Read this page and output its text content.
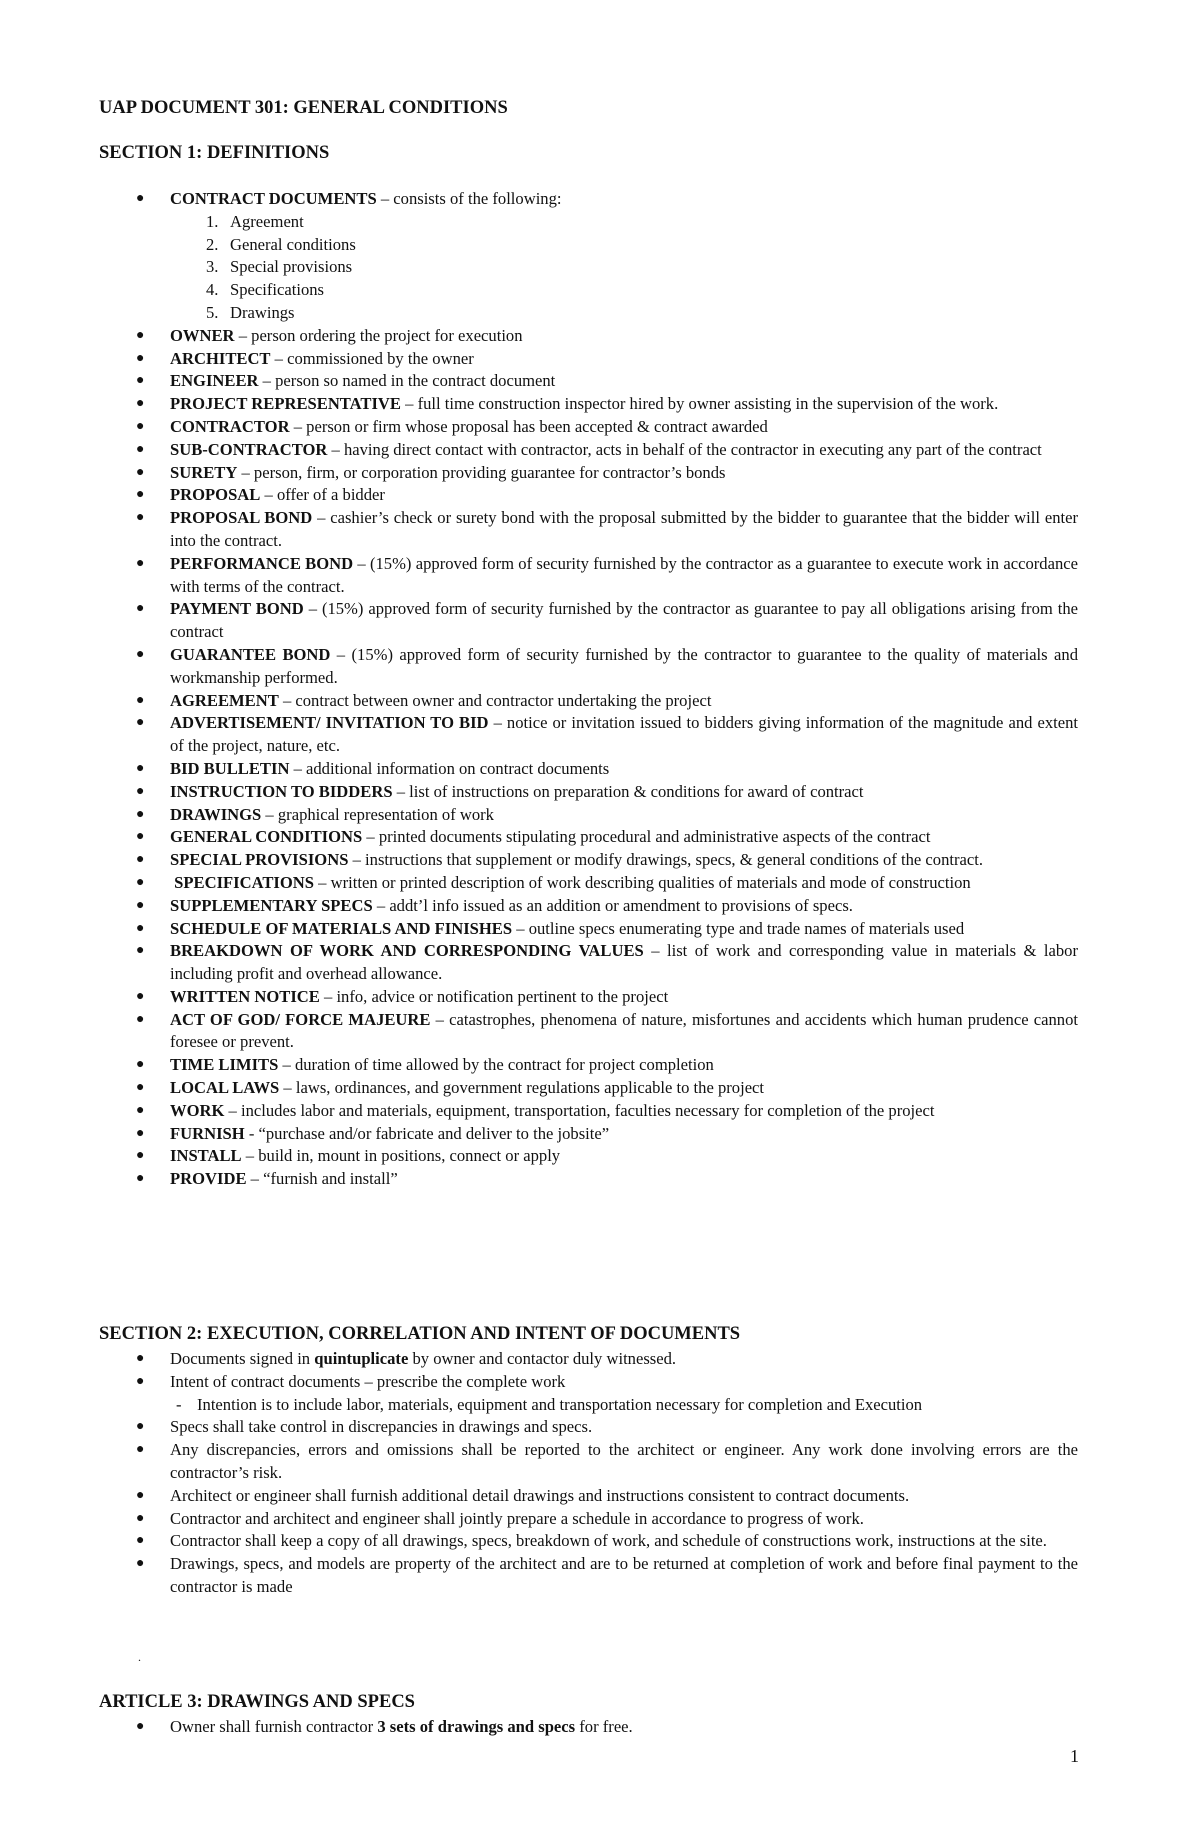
UAP DOCUMENT 301: GENERAL CONDITIONS
SECTION 1: DEFINITIONS
● CONTRACT DOCUMENTS – consists of the following:
1. Agreement
2. General conditions
3. Special provisions
4. Specifications
5. Drawings
● OWNER – person ordering the project for execution
● ARCHITECT – commissioned by the owner
● ENGINEER – person so named in the contract document
● PROJECT REPRESENTATIVE – full time construction inspector hired by owner assisting in the supervision of the work.
● CONTRACTOR – person or firm whose proposal has been accepted & contract awarded
● SUB-CONTRACTOR – having direct contact with contractor, acts in behalf of the contractor in executing any part of the contract
● SURETY – person, firm, or corporation providing guarantee for contractor’s bonds
● PROPOSAL – offer of a bidder
● PROPOSAL BOND – cashier’s check or surety bond with the proposal submitted by the bidder to guarantee that the bidder will enter into the contract.
● PERFORMANCE BOND – (15%) approved form of security furnished by the contractor as a guarantee to execute work in accordance with terms of the contract.
● PAYMENT BOND – (15%) approved form of security furnished by the contractor as guarantee to pay all obligations arising from the contract
● GUARANTEE BOND – (15%) approved form of security furnished by the contractor to guarantee to the quality of materials and workmanship performed.
● AGREEMENT – contract between owner and contractor undertaking the project
● ADVERTISEMENT/ INVITATION TO BID – notice or invitation issued to bidders giving information of the magnitude and extent of the project, nature, etc.
● BID BULLETIN – additional information on contract documents
● INSTRUCTION TO BIDDERS – list of instructions on preparation & conditions for award of contract
● DRAWINGS – graphical representation of work
● GENERAL CONDITIONS – printed documents stipulating procedural and administrative aspects of the contract
● SPECIAL PROVISIONS – instructions that supplement or modify drawings, specs, & general conditions of the contract.
● SPECIFICATIONS – written or printed description of work describing qualities of materials and mode of construction
● SUPPLEMENTARY SPECS – addt’l info issued as an addition or amendment to provisions of specs.
● SCHEDULE OF MATERIALS AND FINISHES – outline specs enumerating type and trade names of materials used
● BREAKDOWN OF WORK AND CORRESPONDING VALUES – list of work and corresponding value in materials & labor including profit and overhead allowance.
● WRITTEN NOTICE – info, advice or notification pertinent to the project
● ACT OF GOD/ FORCE MAJEURE – catastrophes, phenomena of nature, misfortunes and accidents which human prudence cannot foresee or prevent.
● TIME LIMITS – duration of time allowed by the contract for project completion
● LOCAL LAWS – laws, ordinances, and government regulations applicable to the project
● WORK – includes labor and materials, equipment, transportation, faculties necessary for completion of the project
● FURNISH - “purchase and/or fabricate and deliver to the jobsite”
● INSTALL – build in, mount in positions, connect or apply
● PROVIDE – “furnish and install”
SECTION 2: EXECUTION, CORRELATION AND INTENT OF DOCUMENTS
● Documents signed in quintuplicate by owner and contactor duly witnessed.
● Intent of contract documents – prescribe the complete work
- Intention is to include labor, materials, equipment and transportation necessary for completion and Execution
● Specs shall take control in discrepancies in drawings and specs.
● Any discrepancies, errors and omissions shall be reported to the architect or engineer. Any work done involving errors are the contractor’s risk.
● Architect or engineer shall furnish additional detail drawings and instructions consistent to contract documents.
● Contractor and architect and engineer shall jointly prepare a schedule in accordance to progress of work.
● Contractor shall keep a copy of all drawings, specs, breakdown of work, and schedule of constructions work, instructions at the site.
● Drawings, specs, and models are property of the architect and are to be returned at completion of work and before final payment to the contractor is made
.
ARTICLE 3: DRAWINGS AND SPECS
● Owner shall furnish contractor 3 sets of drawings and specs for free.
1
